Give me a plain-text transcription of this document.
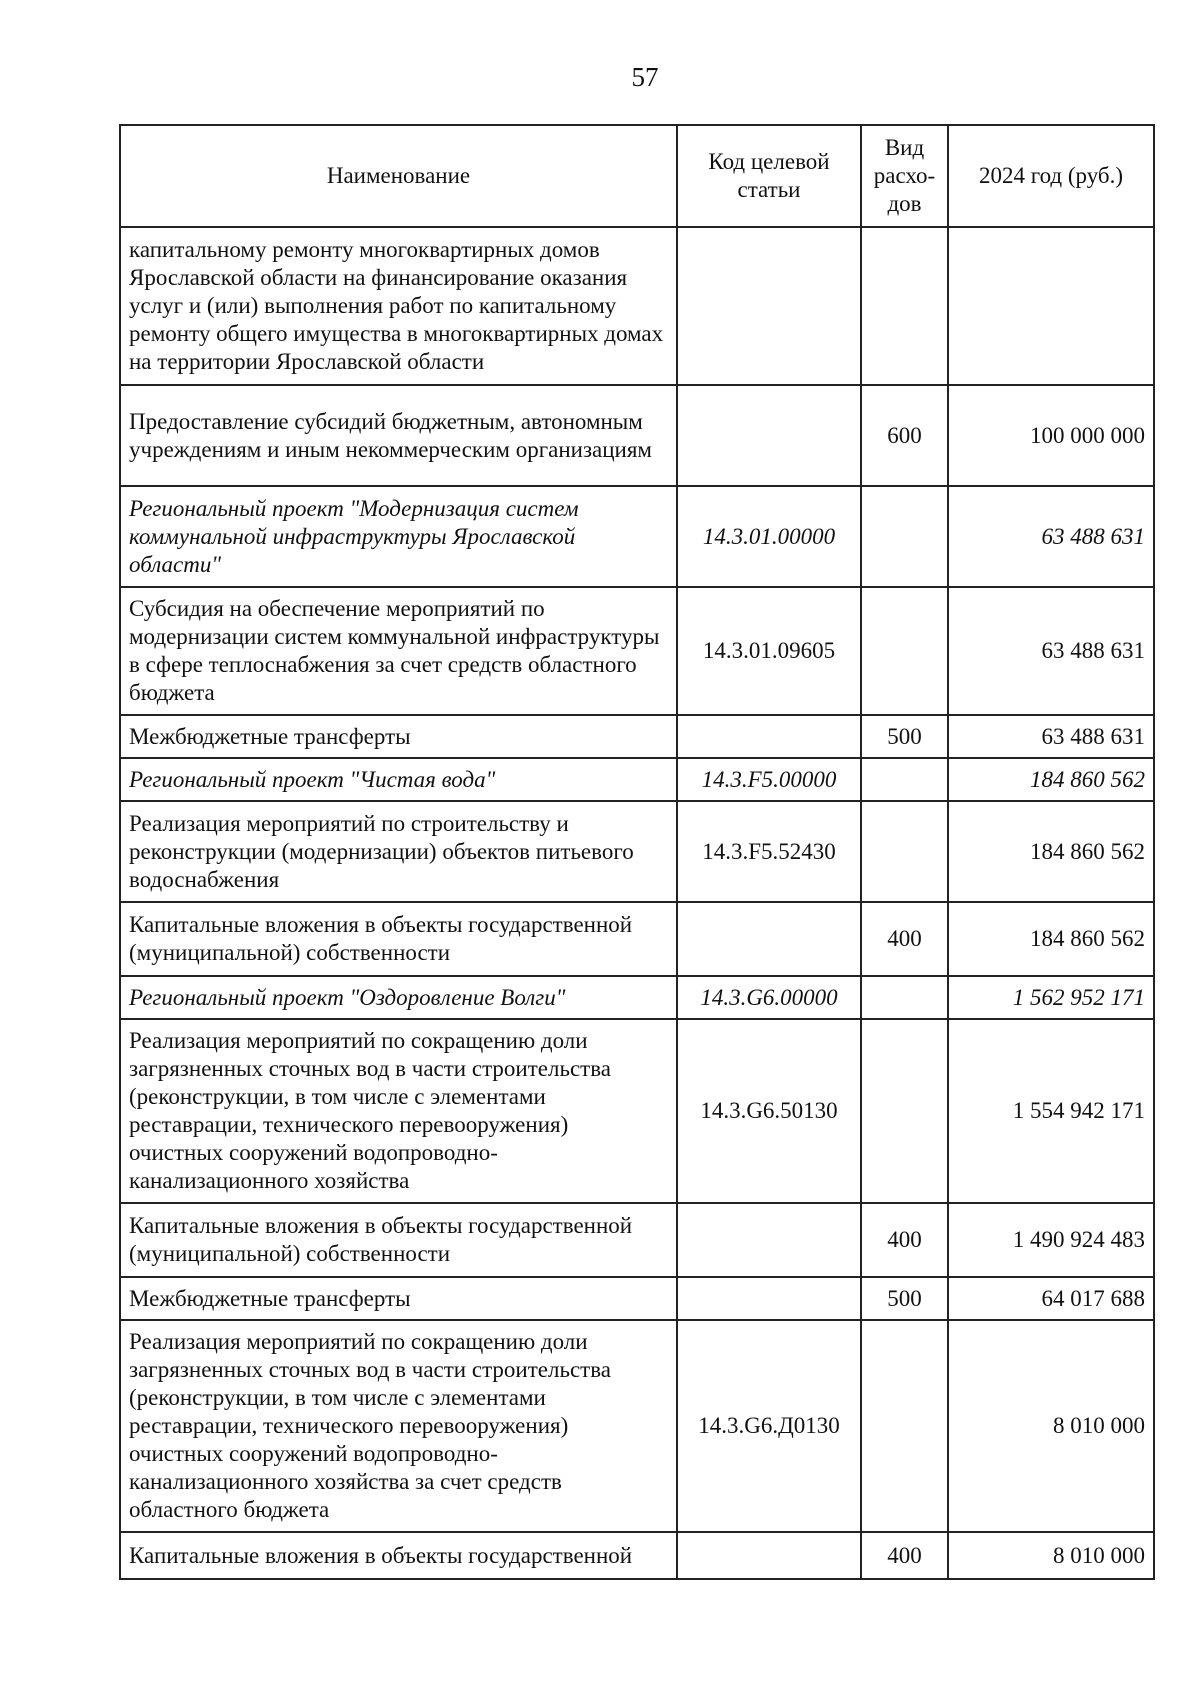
57
Наименование	Код целевой статьи	Вид расхо-дов	2024 год (руб.)
капитальному ремонту многоквартирных домов Ярославской области на финансирование оказания услуг и (или) выполнения работ по капитальному ремонту общего имущества в многоквартирных домах на территории Ярославской области			
Предоставление субсидий бюджетным, автономным учреждениям и иным некоммерческим организациям		600	100 000 000
Региональный проект "Модернизация систем коммунальной инфраструктуры Ярославской области"	14.3.01.00000		63 488 631
Субсидия на обеспечение мероприятий по модернизации систем коммунальной инфраструктуры в сфере теплоснабжения за счет средств областного бюджета	14.3.01.09605		63 488 631
Межбюджетные трансферты		500	63 488 631
Региональный проект "Чистая вода"	14.3.F5.00000		184 860 562
Реализация мероприятий по строительству и реконструкции (модернизации) объектов питьевого водоснабжения	14.3.F5.52430		184 860 562
Капитальные вложения в объекты государственной (муниципальной) собственности		400	184 860 562
Региональный проект "Оздоровление Волги"	14.3.G6.00000		1 562 952 171
Реализация мероприятий по сокращению доли загрязненных сточных вод в части строительства (реконструкции, в том числе с элементами реставрации, технического перевооружения) очистных сооружений водопроводно-канализационного хозяйства	14.3.G6.50130		1 554 942 171
Капитальные вложения в объекты государственной (муниципальной) собственности		400	1 490 924 483
Межбюджетные трансферты		500	64 017 688
Реализация мероприятий по сокращению доли загрязненных сточных вод в части строительства (реконструкции, в том числе с элементами реставрации, технического перевооружения) очистных сооружений водопроводно-канализационного хозяйства за счет средств областного бюджета	14.3.G6.Д0130		8 010 000
Капитальные вложения в объекты государственной		400	8 010 000
